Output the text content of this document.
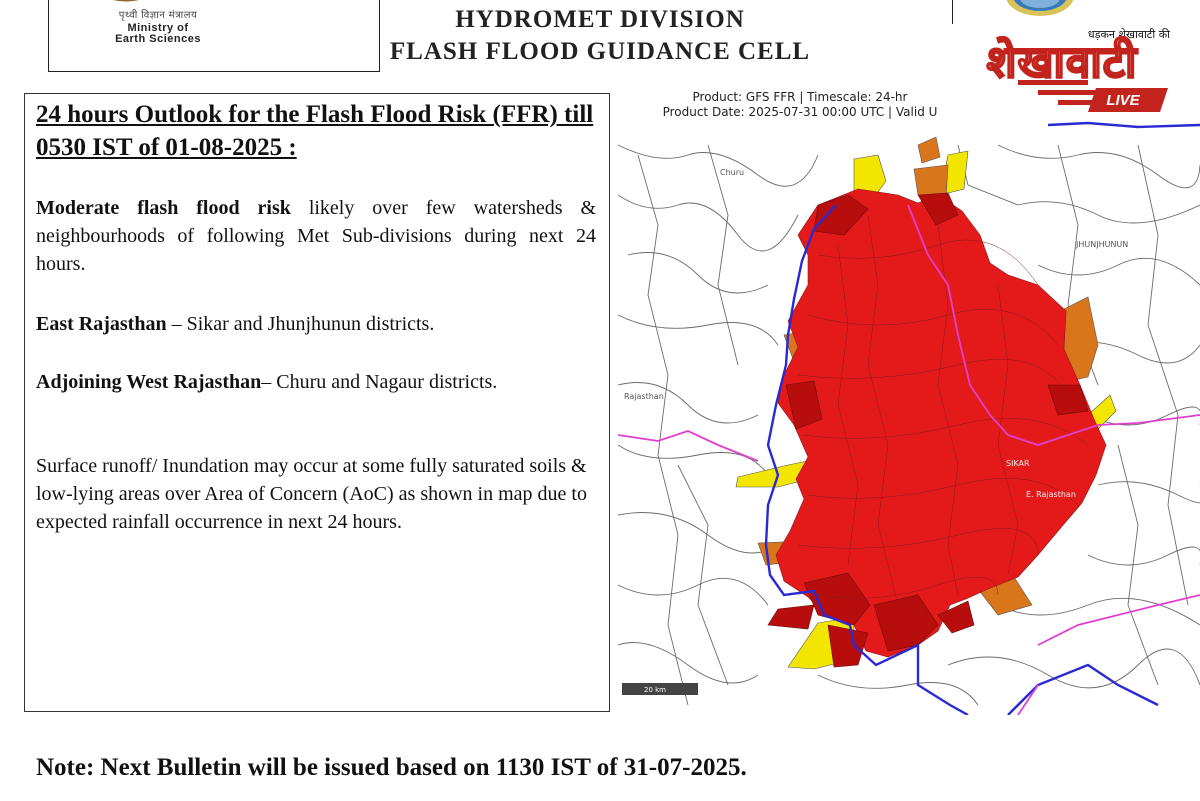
पृथ्वी विज्ञान मंत्रालय
Ministry of
Earth Sciences
HYDROMET DIVISION
FLASH FLOOD GUIDANCE CELL
धड़कन शेखावाटी की
शेखावाटी
LIVE
24 hours Outlook for the Flash Flood Risk (FFR) till 0530 IST of 01-08-2025 :
Moderate flash flood risk likely over few watersheds & neighbourhoods of following Met Sub-divisions during next 24 hours.
East Rajasthan – Sikar and Jhunjhunun districts.
Adjoining West Rajasthan– Churu and Nagaur districts.
Surface runoff/ Inundation may occur at some fully saturated soils & low-lying areas over Area of Concern (AoC) as shown in map due to expected rainfall occurrence in next 24 hours.
Churu
JHUNJHUNUN
Rajasthan
SIKAR
E. Rajasthan
20 km
Product: GFS FFR | Timescale: 24-hr
Product Date: 2025-07-31 00:00 UTC | Valid U
Note: Next Bulletin will be issued based on 1130 IST of 31-07-2025.
